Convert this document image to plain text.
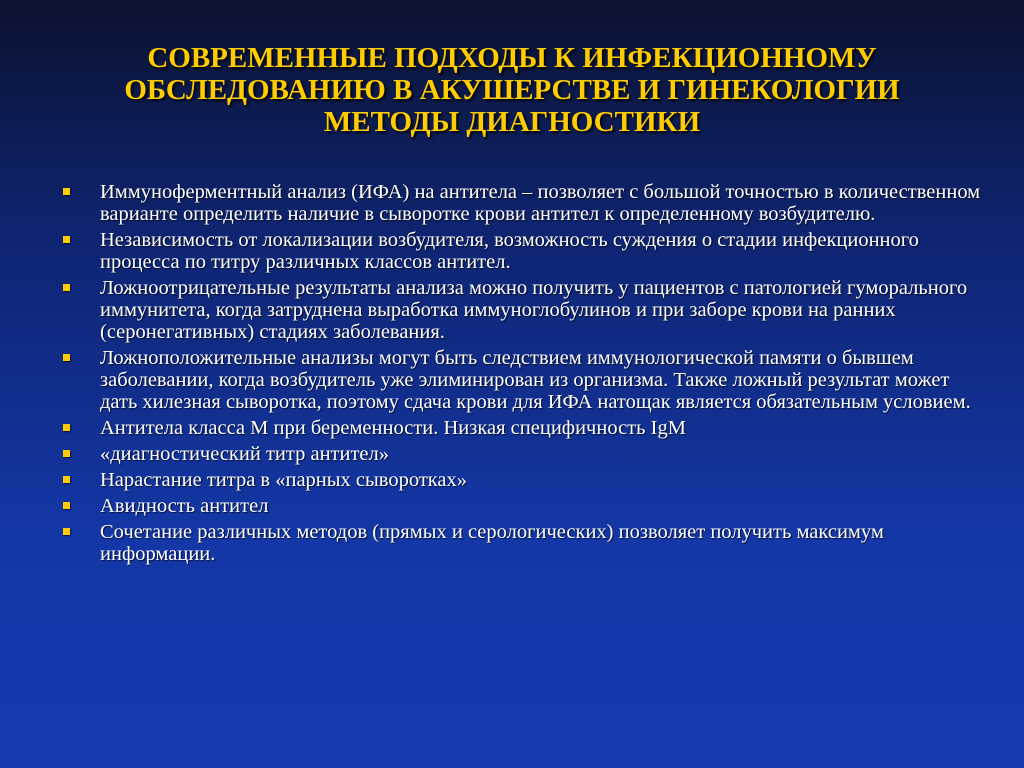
СОВРЕМЕННЫЕ ПОДХОДЫ К ИНФЕКЦИОННОМУ
ОБСЛЕДОВАНИЮ В АКУШЕРСТВЕ И ГИНЕКОЛОГИИ
МЕТОДЫ ДИАГНОСТИКИ
Иммуноферментный анализ (ИФА) на антитела – позволяет с большой точностью в количественном варианте определить наличие в сыворотке крови антител к определенному возбудителю.
Независимость от локализации возбудителя, возможность суждения о стадии инфекционного процесса по титру различных классов антител.
Ложноотрицательные результаты анализа можно получить у пациентов с патологией гуморального иммунитета, когда затруднена выработка иммуноглобулинов и при заборе крови на ранних (серонегативных) стадиях заболевания.
Ложноположительные анализы могут быть следствием иммунологической памяти о бывшем заболевании, когда возбудитель уже элиминирован из организма. Также ложный результат может дать хилезная сыворотка, поэтому сдача крови для ИФА натощак является обязательным условием.
Антитела класса М при беременности. Низкая специфичность IgM
«диагностический титр антител»
Нарастание титра в «парных сыворотках»
Авидность антител
Сочетание различных методов (прямых и серологических) позволяет получить максимум информации.
